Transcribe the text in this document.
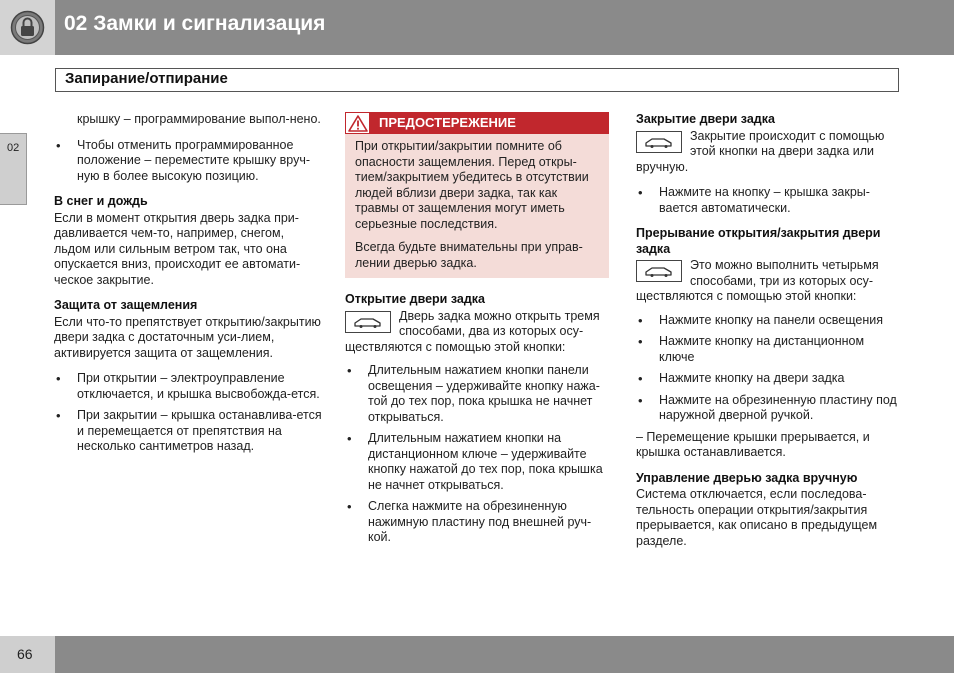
02 Замки и сигнализация
Запирание/отпирание
02

крышку – программирование выпол-нено.

• Чтобы отменить программированное положение – переместите крышку вруч-ную в более высокую позицию.
В снег и дождь

Если в момент открытия дверь задка при-давливается чем-то, например, снегом, льдом или сильным ветром так, что она опускается вниз, происходит ее автомати-ческое закрытие.

Защита от защемления

Если что-то препятствует открытию/закрытию двери задка с достаточным уси-лием, активируется защита от защемления.

• При открытии – электроуправление отключается, и крышка высвобожда-ется.
• При закрытии – крышка останавлива-ется и перемещается от препятствия на несколько сантиметров назад.
ПРЕДОСТЕРЕЖЕНИЕ

При открытии/закрытии помните об опасности защемления. Перед откры-тием/закрытием убедитесь в отсутствии людей вблизи двери задка, так как травмы от защемления могут иметь серьезные последствия.

Всегда будьте внимательны при управ-лении дверью задка.

Открытие двери задка

Дверь задка можно открыть тремя способами, два из которых осу-ществляются с помощью этой кнопки:

• Длительным нажатием кнопки панели освещения – удерживайте кнопку нажа-той до тех пор, пока крышка не начнет открываться.
• Длительным нажатием кнопки на дистанционном ключе – удерживайте кнопку нажатой до тех пор, пока крышка не начнет открываться.
• Слегка нажмите на обрезиненную нажимную пластину под внешней руч-кой.
Закрытие двери задка

Закрытие происходит с помощью этой кнопки на двери задка или вручную.

• Нажмите на кнопку – крышка закры-вается автоматически.
Прерывание открытия/закрытия двери задка

Это можно выполнить четырьмя способами, три из которых осу-ществляются с помощью этой кнопки:

• Нажмите кнопку на панели освещения
• Нажмите кнопку на дистанционном ключе
• Нажмите кнопку на двери задка
• Нажмите на обрезиненную пластину под наружной дверной ручкой.

– Перемещение крышки прерывается, и крышка останавливается.

Управление дверью задка вручную

Система отключается, если последова-тельность операции открытия/закрытия прерывается, как описано в предыдущем разделе.

66
